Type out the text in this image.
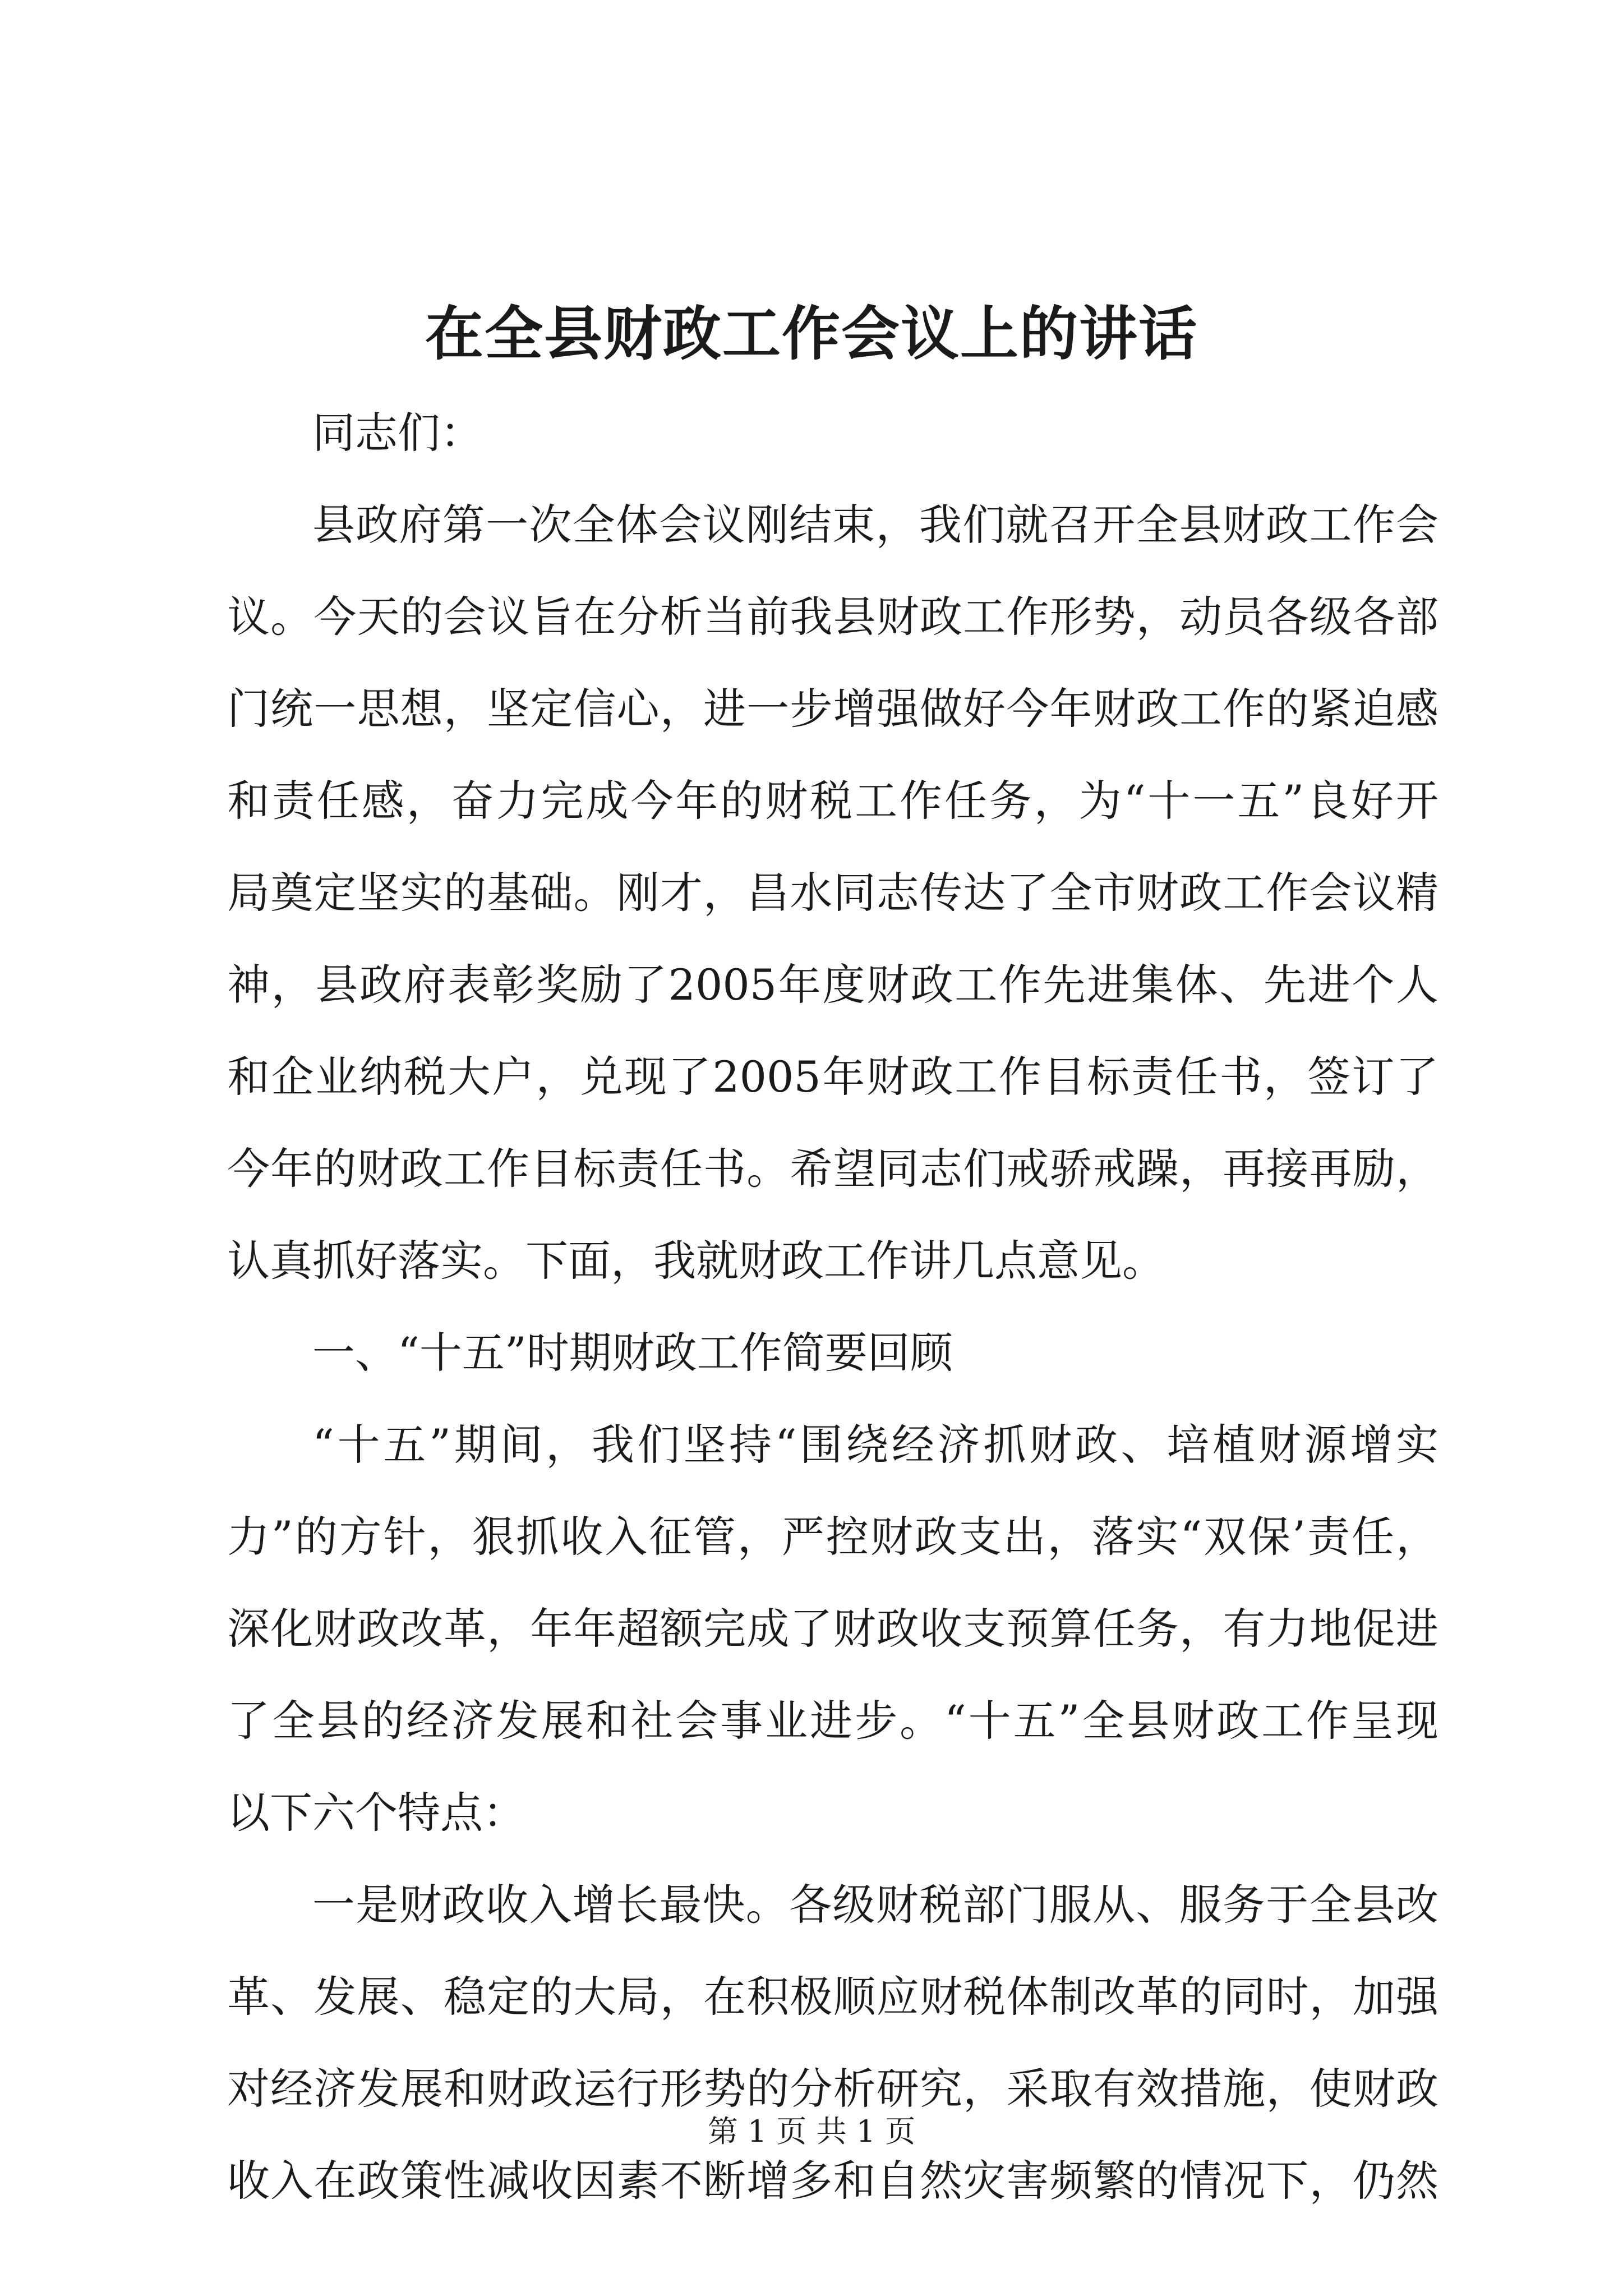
在全县财政工作会议上的讲话
同志们：
县政府第一次全体会议刚结束，我们就召开全县财政工作会
议。今天的会议旨在分析当前我县财政工作形势，动员各级各部
门统一思想，坚定信心，进一步增强做好今年财政工作的紧迫感
和责任感，奋力完成今年的财税工作任务，为“十一五”良好开
局奠定坚实的基础。刚才，昌水同志传达了全市财政工作会议精
神，县政府表彰奖励了2005年度财政工作先进集体、先进个人
和企业纳税大户，兑现了2005年财政工作目标责任书，签订了
今年的财政工作目标责任书。希望同志们戒骄戒躁，再接再励，
认真抓好落实。下面，我就财政工作讲几点意见。
一、“十五”时期财政工作简要回顾
“十五”期间，我们坚持“围绕经济抓财政、培植财源增实
力”的方针，狠抓收入征管，严控财政支出，落实“双保’责任，
深化财政改革，年年超额完成了财政收支预算任务，有力地促进
了全县的经济发展和社会事业进步。“十五”全县财政工作呈现
以下六个特点：
一是财政收入增长最快。各级财税部门服从、服务于全县改
革、发展、稳定的大局，在积极顺应财税体制改革的同时，加强
对经济发展和财政运行形势的分析研究，采取有效措施，使财政
收入在政策性减收因素不断增多和自然灾害频繁的情况下，仍然
第 1 页 共 1 页
